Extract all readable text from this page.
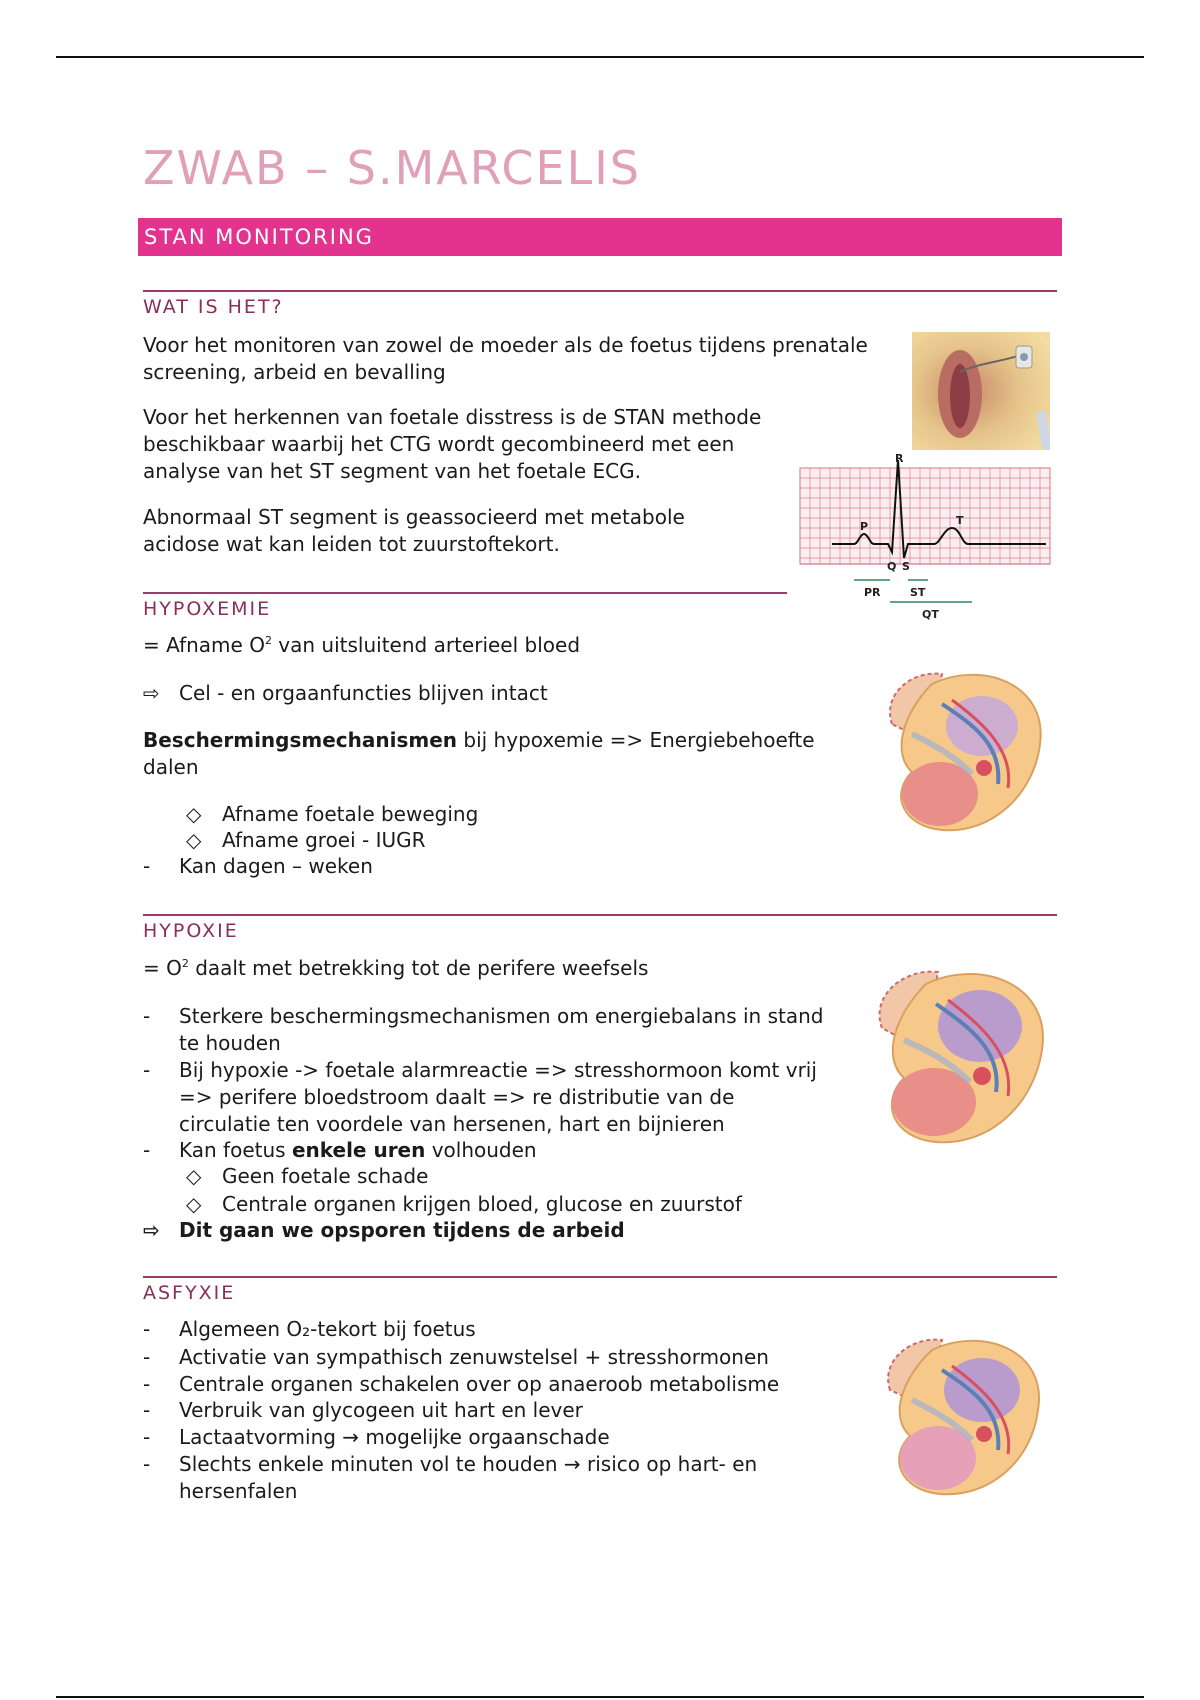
ZWAB – S.MARCELIS
STAN MONITORING
WAT IS HET?

Voor het monitoren van zowel de moeder als de foetus tijdens prenatale
screening, arbeid en bevalling

Voor het herkennen van foetale disstress is de STAN methode
beschikbaar waarbij het CTG wordt gecombineerd met een
analyse van het ST segment van het foetale ECG.

Abnormaal ST segment is geassocieerd met metabole
acidose wat kan leiden tot zuurstoftekort.

R
P	T
Q S
PR	ST
QT
HYPOXEMIE

= Afname $O^2$ van uitsluitend arterieel bloed

⇨ Cel - en orgaanfuncties blijven intact

Beschermingsmechanismen bij hypoxemie => Energiebehoefte
dalen

◇	Afname foetale beweging

◇	Afname groei - IUGR

-	Kan dagen – weken

HYPOXIE

= $O^2$ daalt met betrekking tot de perifere weefsels

-	Sterkere beschermingsmechanismen om energiebalans in stand
te houden

-	Bij hypoxie -> foetale alarmreactie => stresshormoon komt vrij
=> perifere bloedstroom daalt => re distributie van de
circulatie ten voordele van hersenen, hart en bijnieren

-	Kan foetus enkele uren volhouden

◇	Geen foetale schade

◇	Centrale organen krijgen bloed, glucose en zuurstof

⇨ Dit gaan we opsporen tijdens de arbeid

ASFYXIE

-	Algemeen O₂-tekort bij foetus

-	Activatie van sympathisch zenuwstelsel + stresshormonen

-	Centrale organen schakelen over op anaeroob metabolisme

-	Verbruik van glycogeen uit hart en lever

-	Lactaatvorming → mogelijke orgaanschade

-	Slechts enkele minuten vol te houden → risico op hart- en
hersenfalen
